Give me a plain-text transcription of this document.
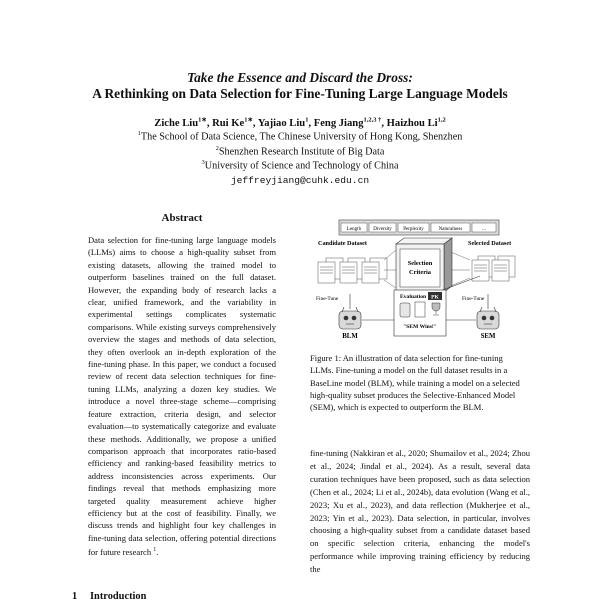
Take the Essence and Discard the Dross:
A Rethinking on Data Selection for Fine-Tuning Large Language Models
Ziche Liu$^{1∗}$, Rui $Ke^{1∗}$, Yajiao Liu$^1$, Feng Jiang$^{1,2,3 \dagger}$, Haizhou Li$^{1,2}$
$^1$The School of Data Science, The Chinese University of Hong Kong, Shenzhen
$^2$Shenzhen Research Institute of Big Data
$^3$University of Science and Technology of China
jeffreyjiang@cuhk.edu.cn
Abstract
Data selection for fine-tuning large language models (LLMs) aims to choose a high-quality subset from existing datasets, allowing the trained model to outperform baselines trained on the full dataset. However, the expanding body of research lacks a clear, unified framework, and the variability in experimental settings complicates systematic comparisons. While existing surveys comprehensively overview the stages and methods of data selection, they often overlook an in-depth exploration of the fine-tuning phase. In this paper, we conduct a focused review of recent data selection techniques for fine-tuning LLMs, analyzing a dozen key studies. We introduce a novel three-stage scheme—comprising feature extraction, criteria design, and selector evaluation—to systematically categorize and evaluate these methods. Additionally, we propose a unified comparison approach that incorporates ratio-based efficiency and ranking-based feasibility metrics to address inconsistencies across experiments. Our findings reveal that methods emphasizing more targeted quality measurement achieve higher efficiency but at the cost of feasibility. Finally, we discuss trends and highlight four key challenges in fine-tuning data selection, offering potential directions for future research $^1$.
1 Introduction
Length Diversity Perplexity	Naturalness	...
Candidate Dataset	Selected Dataset
Selection
Criteria
Fine-Tune	Fine-Tune
BLM	SEM
Evaluation PK
"SEM Wins!"
Figure 1: An illustration of data selection for fine-tuning LLMs. Fine-tuning a model on the full dataset results in a BaseLine model (BLM), while training a model on a selected high-quality subset produces the Selective-Enhanced Model (SEM), which is expected to outperform the BLM.
fine-tuning (Nakkiran et al., 2020; Shumailov et al., 2024; Zhou et al., 2024; Jindal et al., 2024). As a result, several data curation techniques have been proposed, such as data selection (Chen et al., 2024; Li et al., 2024b), data evolution (Wang et al., 2023; Xu et al., 2023), and data reflection (Mukherjee et al., 2023; Yin et al., 2023). Data selection, in particular, involves choosing a high-quality subset from a candidate dataset based on specific selection criteria, enhancing the model's performance while improving training efficiency by reducing the
